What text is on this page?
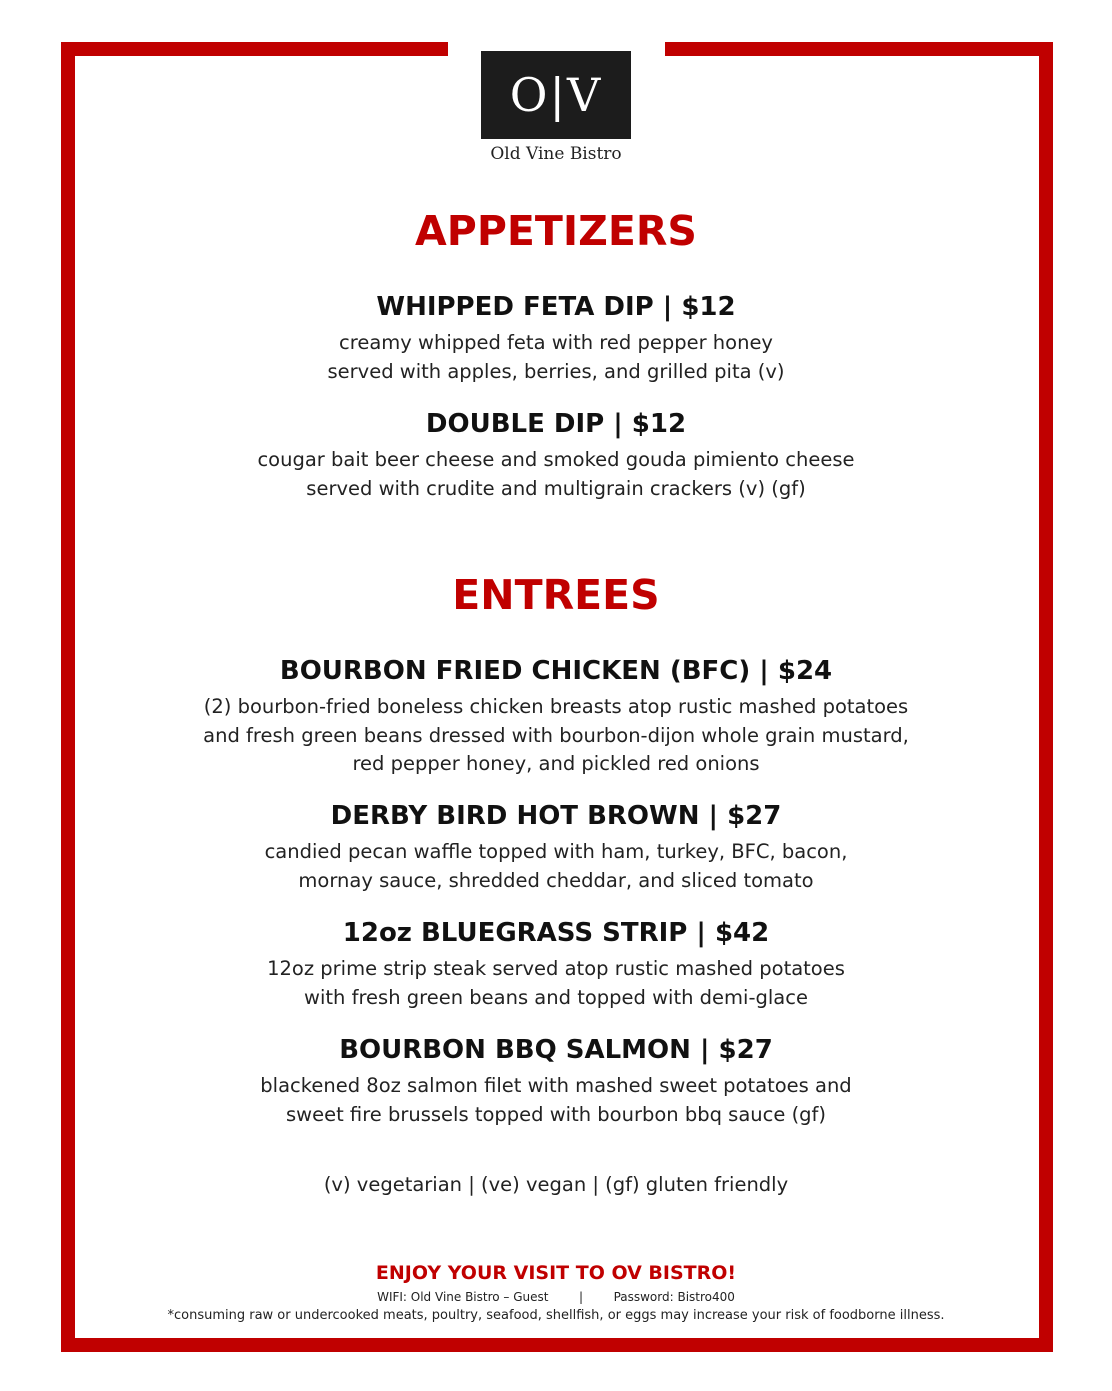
O|V
Old Vine Bistro
APPETIZERS
WHIPPED FETA DIP | $12
creamy whipped feta with red pepper honey
served with apples, berries, and grilled pita (v)
DOUBLE DIP | $12
cougar bait beer cheese and smoked gouda pimiento cheese
served with crudite and multigrain crackers (v) (gf)
ENTREES
BOURBON FRIED CHICKEN (BFC) | $24
(2) bourbon-fried boneless chicken breasts atop rustic mashed potatoes
and fresh green beans dressed with bourbon-dijon whole grain mustard,
red pepper honey, and pickled red onions
DERBY BIRD HOT BROWN | $27
candied pecan waffle topped with ham, turkey, BFC, bacon,
mornay sauce, shredded cheddar, and sliced tomato
12oz BLUEGRASS STRIP | $42
12oz prime strip steak served atop rustic mashed potatoes
with fresh green beans and topped with demi-glace
BOURBON BBQ SALMON | $27
blackened 8oz salmon filet with mashed sweet potatoes and
sweet fire brussels topped with bourbon bbq sauce (gf)
(v) vegetarian | (ve) vegan | (gf) gluten friendly
ENJOY YOUR VISIT TO OV BISTRO!
WIFI: Old Vine Bistro – Guest	|	Password: Bistro400
*consuming raw or undercooked meats, poultry, seafood, shellfish, or eggs may increase your risk of foodborne illness.
